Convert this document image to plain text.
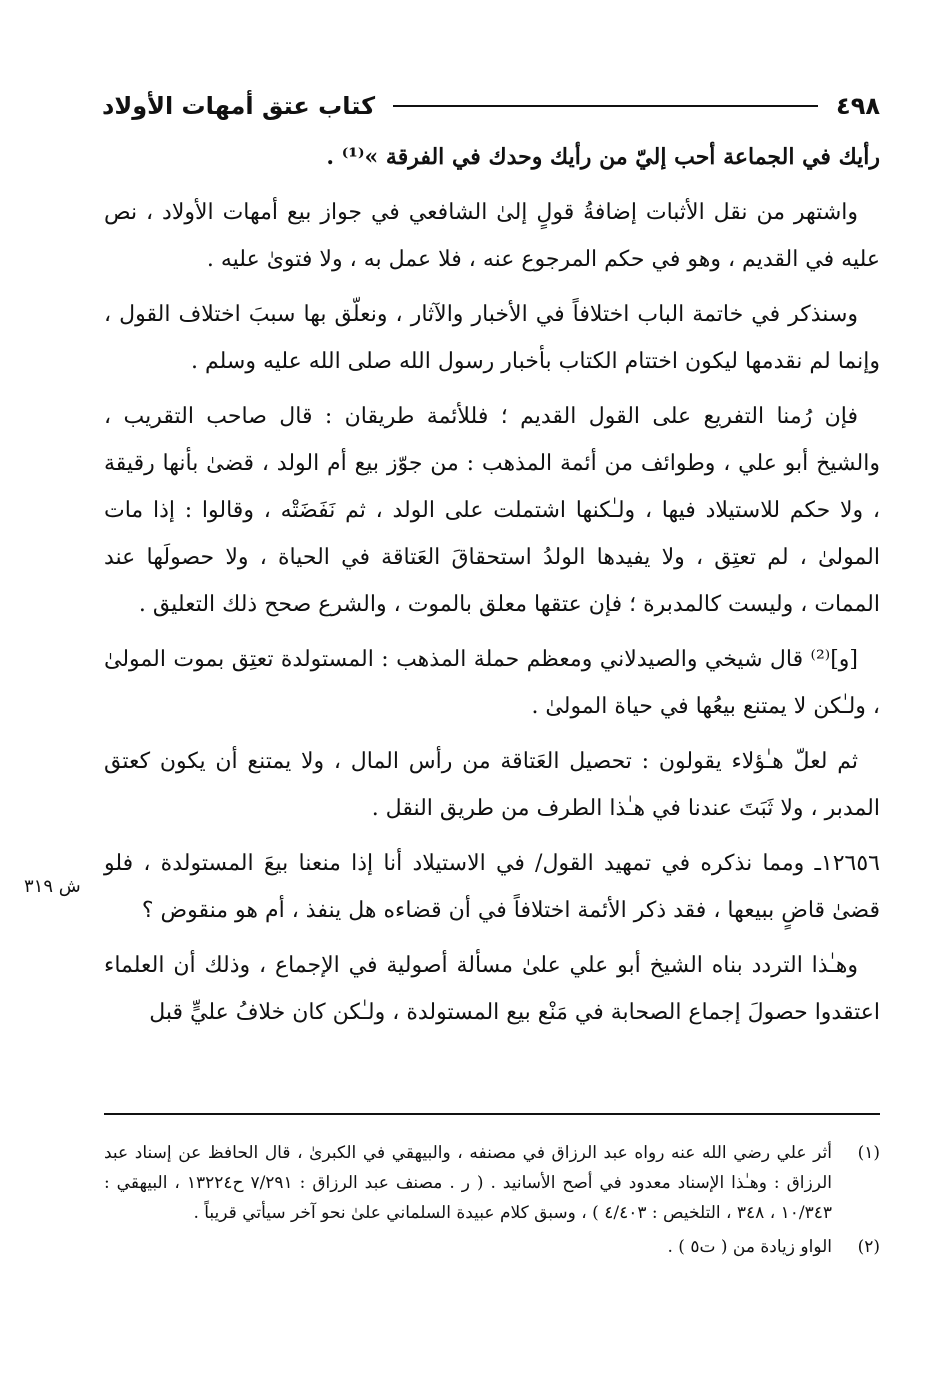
٤٩٨
كتاب عتق أمهات الأولاد
ش ٣١٩

رأيك في الجماعة أحب إليّ من رأيك وحدك في الفرقة »⁽¹⁾ .

واشتهر من نقل الأثبات إضافةُ قولٍ إلىٰ الشافعي في جواز بيع أمهات الأولاد ، نص عليه في القديم ، وهو في حكم المرجوع عنه ، فلا عمل به ، ولا فتوىٰ عليه .

وسنذكر في خاتمة الباب اختلافاً في الأخبار والآثار ، ونعلّق بها سببَ اختلاف القول ، وإنما لم نقدمها ليكون اختتام الكتاب بأخبار رسول الله صلى الله عليه وسلم .

فإن رُمنا التفريع على القول القديم ؛ فللأئمة طريقان : قال صاحب التقريب ، والشيخ أبو علي ، وطوائف من أئمة المذهب : من جوّز بيع أم الولد ، قضىٰ بأنها رقيقة ، ولا حكم للاستيلاد فيها ، ولـٰكنها اشتملت على الولد ، ثم نَفَضَتْه ، وقالوا : إذا مات المولىٰ ، لم تعتِق ، ولا يفيدها الولدُ استحقاقَ العَتاقة في الحياة ، ولا حصولَها عند الممات ، وليست كالمدبرة ؛ فإن عتقها معلق بالموت ، والشرع صحح ذلك التعليق .

[و]⁽²⁾ قال شيخي والصيدلاني ومعظم حملة المذهب : المستولدة تعتِق بموت المولىٰ ، ولـٰكن لا يمتنع بيعُها في حياة المولىٰ .

ثم لعلّ هـٰؤلاء يقولون : تحصيل العَتاقة من رأس المال ، ولا يمتنع أن يكون كعتق المدبر ، ولا ثَبَتَ عندنا في هـٰذا الطرف من طريق النقل .

١٢٦٥٦ـ ومما نذكره في تمهيد القول/ في الاستيلاد أنا إذا منعنا بيعَ المستولدة ، فلو قضىٰ قاضٍ ببيعها ، فقد ذكر الأئمة اختلافاً في أن قضاءه هل ينفذ ، أم هو منقوض ؟

وهـٰذا التردد بناه الشيخ أبو علي علىٰ مسألة أصولية في الإجماع ، وذلك أن العلماء اعتقدوا حصولَ إجماع الصحابة في مَنْع بيع المستولدة ، ولـٰكن كان خلافُ عليٍّ قبل

(١)
أثر علي رضي الله عنه رواه عبد الرزاق في مصنفه ، والبيهقي في الكبرىٰ ، قال الحافظ عن إسناد عبد الرزاق : وهـٰذا الإسناد معدود في أصح الأسانيد . ( ر . مصنف عبد الرزاق : ٧/٢٩١ ح١٣٢٢٤ ، البيهقي : ١٠/٣٤٣ ، ٣٤٨ ، التلخيص : ٤/٤٠٣ ) ، وسبق كلام عبيدة السلماني علىٰ نحو آخر سيأتي قريباً .
(٢)
الواو زيادة من ( ت٥ ) .
